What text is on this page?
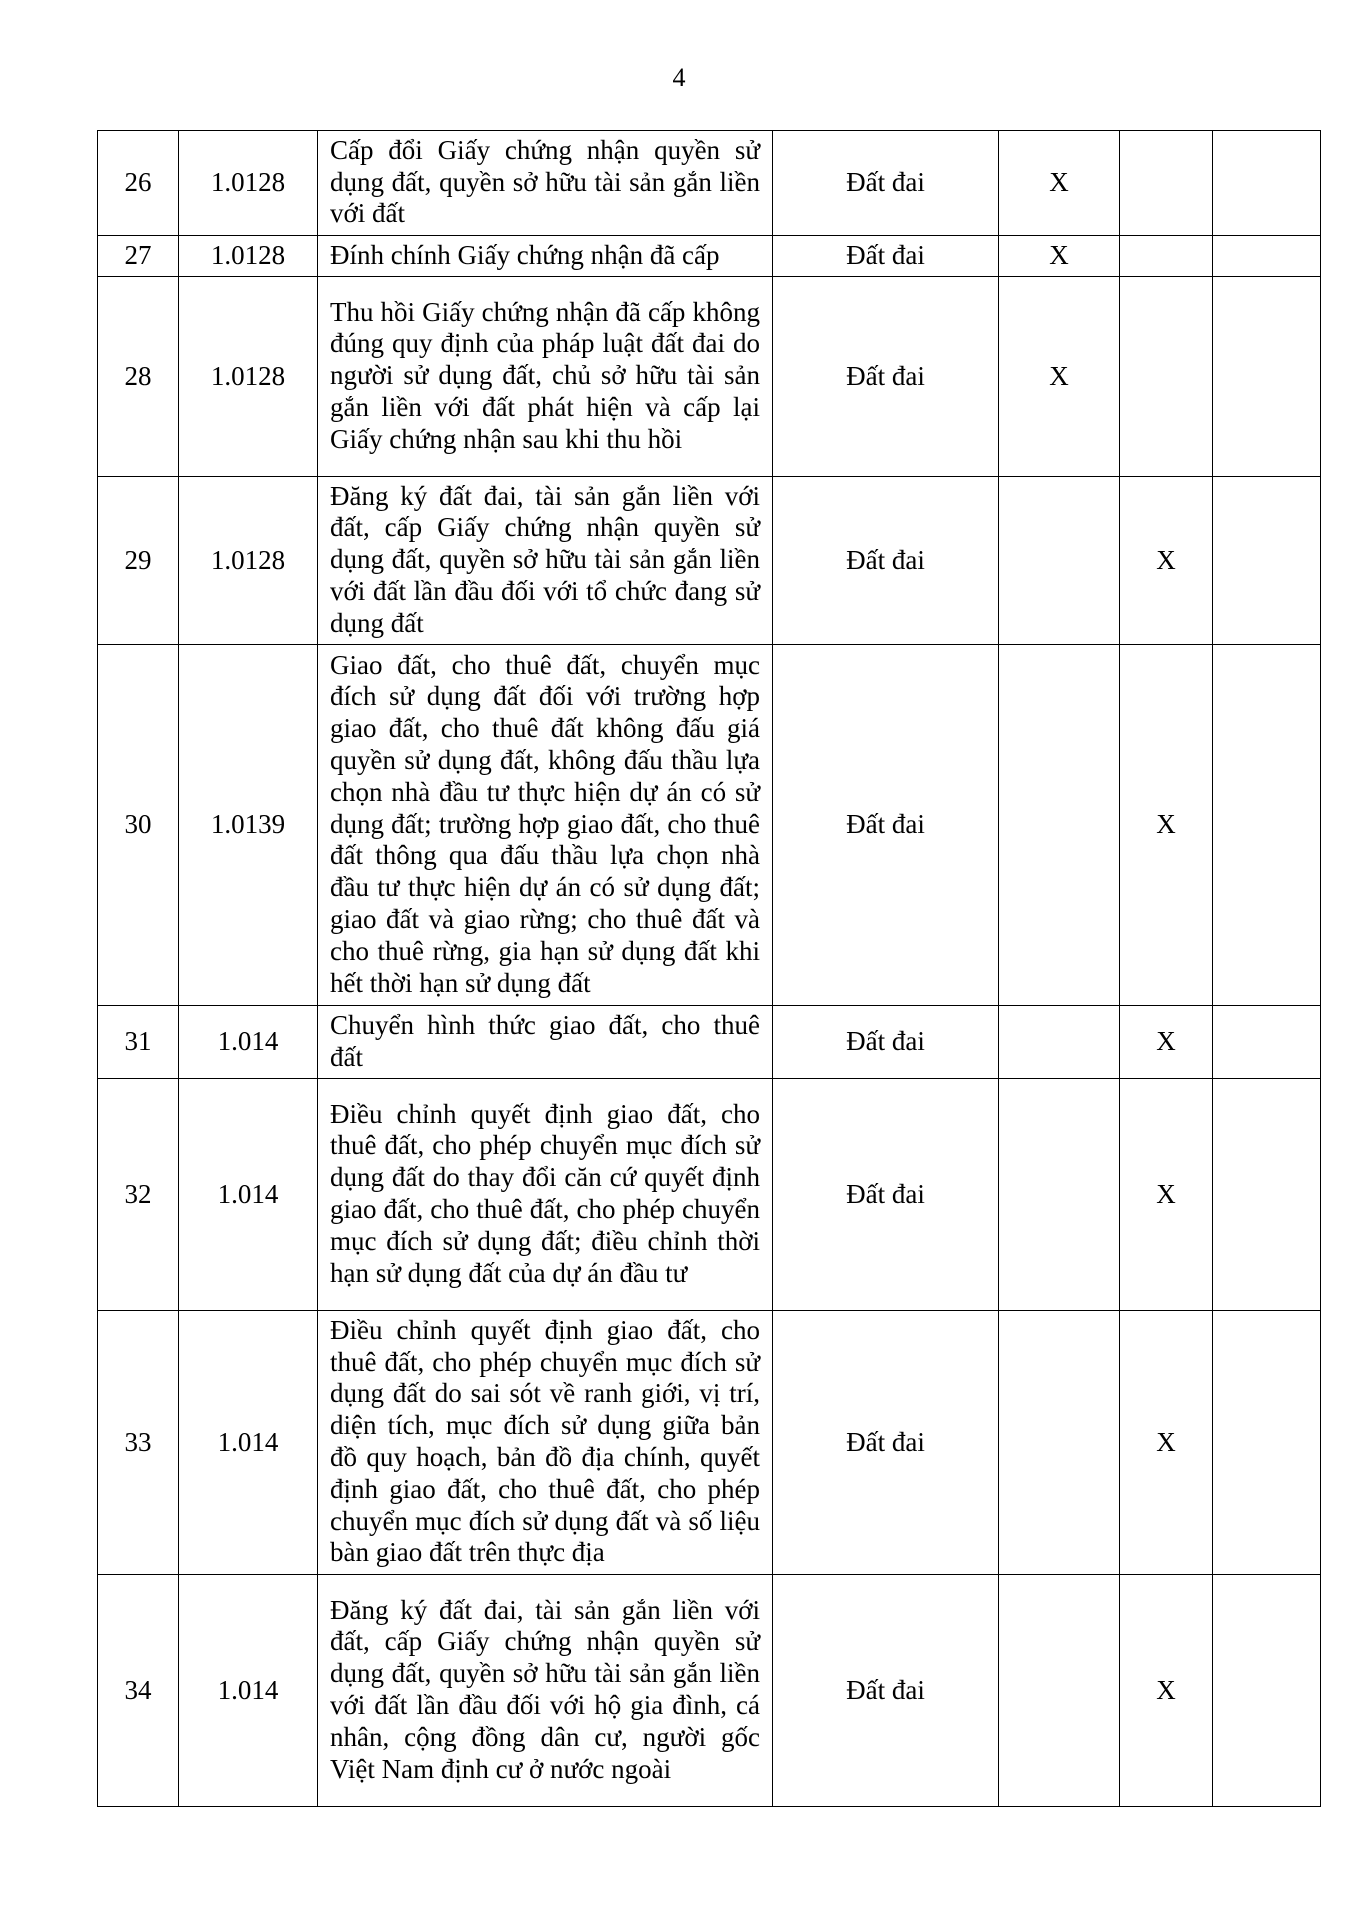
4
26	1.0128	Cấp đổi Giấy chứng nhận quyền sử dụng đất, quyền sở hữu tài sản gắn liền với đất	Đất đai	X		
27	1.0128	Đính chính Giấy chứng nhận đã cấp	Đất đai	X		
28	1.0128	Thu hồi Giấy chứng nhận đã cấp không đúng quy định của pháp luật đất đai do người sử dụng đất, chủ sở hữu tài sản gắn liền với đất phát hiện và cấp lại Giấy chứng nhận sau khi thu hồi	Đất đai	X		
29	1.0128	Đăng ký đất đai, tài sản gắn liền với đất, cấp Giấy chứng nhận quyền sử dụng đất, quyền sở hữu tài sản gắn liền với đất lần đầu đối với tổ chức đang sử dụng đất	Đất đai		X	
30	1.0139	Giao đất, cho thuê đất, chuyển mục đích sử dụng đất đối với trường hợp giao đất, cho thuê đất không đấu giá quyền sử dụng đất, không đấu thầu lựa chọn nhà đầu tư thực hiện dự án có sử dụng đất; trường hợp giao đất, cho thuê đất thông qua đấu thầu lựa chọn nhà đầu tư thực hiện dự án có sử dụng đất; giao đất và giao rừng; cho thuê đất và cho thuê rừng, gia hạn sử dụng đất khi hết thời hạn sử dụng đất	Đất đai		X	
31	1.014	Chuyển hình thức giao đất, cho thuê đất	Đất đai		X	
32	1.014	Điều chỉnh quyết định giao đất, cho thuê đất, cho phép chuyển mục đích sử dụng đất do thay đổi căn cứ quyết định giao đất, cho thuê đất, cho phép chuyển mục đích sử dụng đất; điều chỉnh thời hạn sử dụng đất của dự án đầu tư	Đất đai		X	
33	1.014	Điều chỉnh quyết định giao đất, cho thuê đất, cho phép chuyển mục đích sử dụng đất do sai sót về ranh giới, vị trí, diện tích, mục đích sử dụng giữa bản đồ quy hoạch, bản đồ địa chính, quyết định giao đất, cho thuê đất, cho phép chuyển mục đích sử dụng đất và số liệu bàn giao đất trên thực địa	Đất đai		X	
34	1.014	Đăng ký đất đai, tài sản gắn liền với đất, cấp Giấy chứng nhận quyền sử dụng đất, quyền sở hữu tài sản gắn liền với đất lần đầu đối với hộ gia đình, cá nhân, cộng đồng dân cư, người gốc Việt Nam định cư ở nước ngoài	Đất đai		X	
